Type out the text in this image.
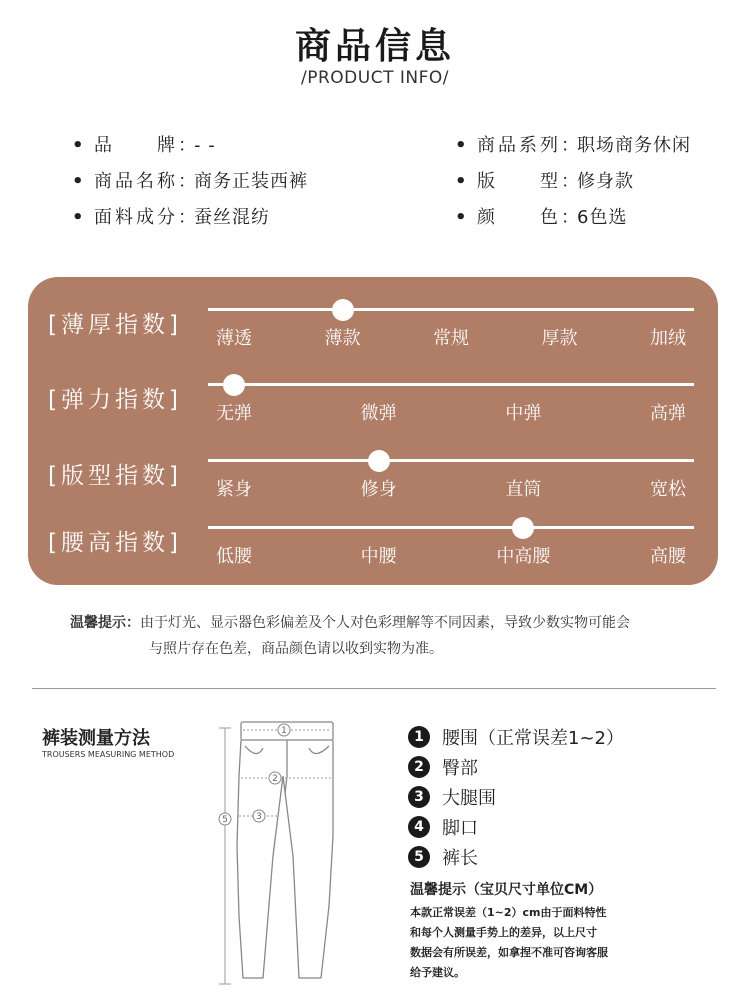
商品信息
/PRODUCT INFO/
• 品　　牌：
- -
• 商品名称：
商务正装西裤
• 面料成分：
蚕丝混纺
• 商品系列：
职场商务休闲
• 版　　型：
修身款
• 颜　　色：
6色选
[薄厚指数]
薄透	薄款	常规	厚款	加绒
[弹力指数]
无弹	微弹	中弹	高弹
[版型指数]
紧身	修身	直筒	宽松
[腰高指数]
低腰	中腰	中高腰	高腰
温馨提示：由于灯光、显示器色彩偏差及个人对色彩理解等不同因素，导致少数实物可能会
与照片存在色差，商品颜色请以收到实物为准。
裤装测量方法
TROUSERS MEASURING METHOD
1
2
3
5
1	腰围（正常误差1~2）
2	臀部
3	大腿围
4	脚口
5	裤长
温馨提示（宝贝尺寸单位CM）
本款正常误差（1~2）cm由于面料特性
和每个人测量手势上的差异，以上尺寸
数据会有所误差，如拿捏不准可咨询客服
给予建议。
